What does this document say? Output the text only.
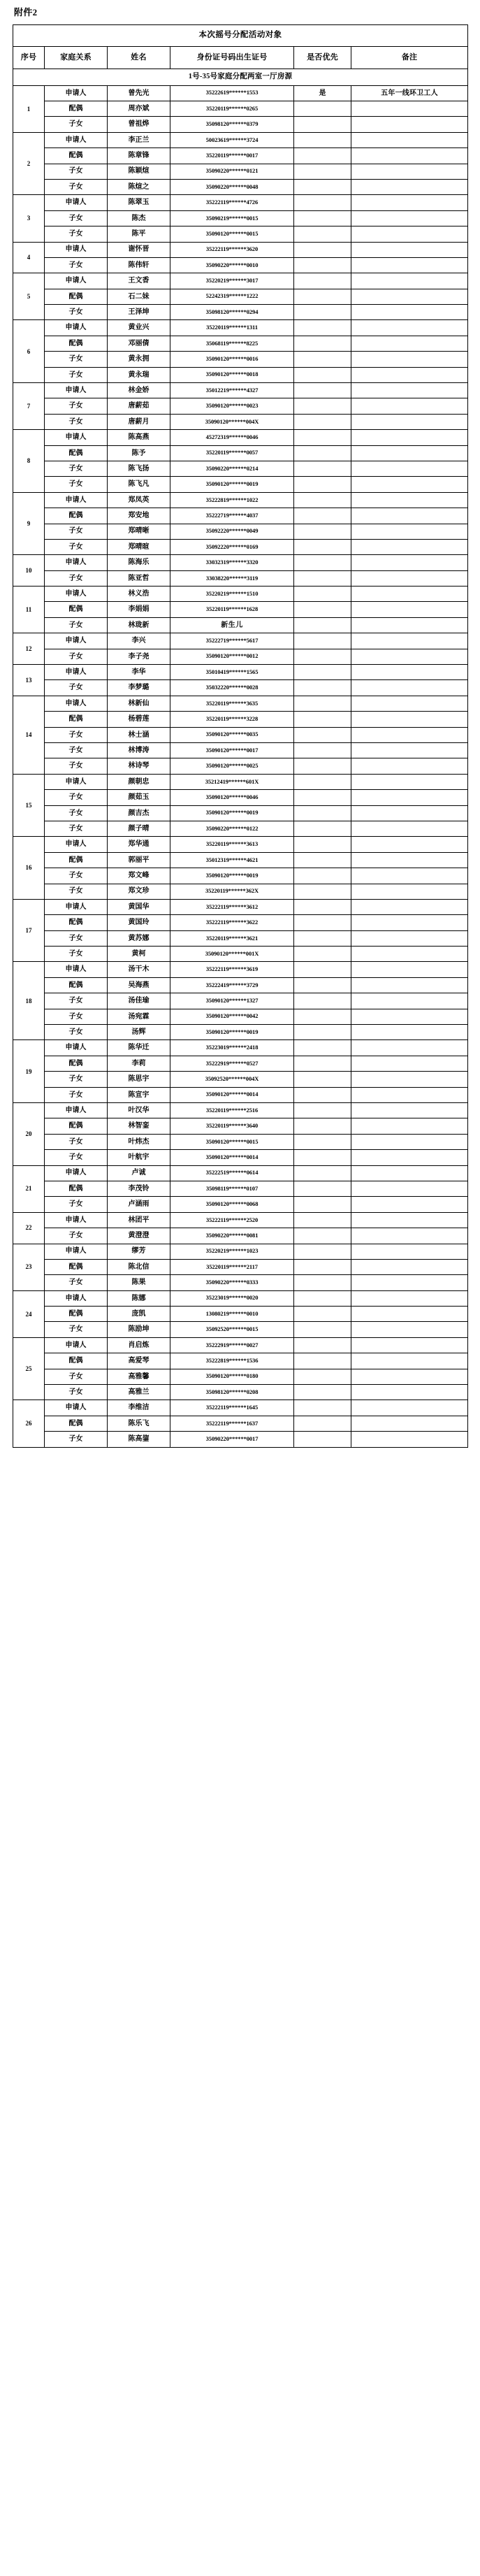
附件2
本次摇号分配活动对象					
序号	家庭关系	姓名	身份证号码出生证号	是否优先	备注
1号-35号家庭分配两室一厅房源					
1	申请人	曾先光	35222619******1553	是	五年一线环卫工人
	配偶	周亦斌	35220119******0265		
	子女	曾祖烨	35098120******0379		
2	申请人	李正兰	50023619******3724		
	配偶	陈章锋	35220119******0017		
	子女	陈颖煊	35090220******0121		
	子女	陈煊之	35090220******0048		
3	申请人	陈翠玉	35222119******4726		
	子女	陈杰	35090219******0015		
	子女	陈平	35090120******0015		
4	申请人	谢怀晋	35222119******3620		
	子女	陈伟轩	35090220******0010		
5	申请人	王文香	35220219******3017		
	配偶	石二妹	52242319******1222		
	子女	王泽坤	35098120******0294		
6	申请人	黄业兴	35220119******1311		
	配偶	邓丽倩	35068119******8225		
	子女	黄永拥	35090120******0016		
	子女	黄永瑞	35090120******0018		
7	申请人	林金娇	35012219******4327		
	子女	唐薪茹	35090120******0023		
	子女	唐薪月	35090120******004X		
8	申请人	陈高燕	45272319******0046		
	配偶	陈予	35220119******0057		
	子女	陈飞扬	35090220******0214		
	子女	陈飞凡	35090120******0019		
9	申请人	郑凤英	35222819******1022		
	配偶	郑安地	35222719******4037		
	子女	郑晴晰	35092220******0049		
	子女	郑晴暄	35092220******0169		
10	申请人	陈海乐	33032319******3320		
	子女	陈亚哲	33038220******3119		
11	申请人	林义浩	35220219******1510		
	配偶	李娟娟	35220119******1628		
	子女	林珑新	新生儿		
12	申请人	李兴	35222719******5617		
	子女	李子尧	35090120******0012		
13	申请人	李华	35010419******1565		
	子女	李梦璐	35032220******0028		
14	申请人	林新仙	35220119******3635		
	配偶	杨碧莲	35220119******3228		
	子女	林士涵	35090120******0035		
	子女	林博涛	35090120******0017		
	子女	林诗琴	35090120******0025		
15	申请人	颜朝忠	35212419******601X		
	子女	颜茹玉	35090120******0046		
	子女	颜吉杰	35090120******0019		
	子女	颜子晴	35090220******0122		
16	申请人	郑华通	35220119******3613		
	配偶	郭丽平	35012319******4621		
	子女	郑文峰	35090120******0019		
	子女	郑文珍	35220119******362X		
17	申请人	黄国华	35222119******3612		
	配偶	黄国玲	35222119******3622		
	子女	黄苏娜	35220119******3621		
	子女	黄柯	35090120******001X		
18	申请人	汤干木	35222119******3619		
	配偶	吴海燕	35222419******3729		
	子女	汤佳瑜	35090120******1327		
	子女	汤宛霖	35090120******0042		
	子女	汤辉	35090120******0019		
19	申请人	陈华迁	35223019******2418		
	配偶	李莉	35222919******0527		
	子女	陈思宇	35092520******004X		
	子女	陈宣宇	35090120******0014		
20	申请人	叶汉华	35220119******2516		
	配偶	林智銮	35220119******3640		
	子女	叶炜杰	35090120******0015		
	子女	叶航宇	35090120******0014		
21	申请人	卢诚	35222519******0614		
	配偶	李茂铃	35098119******0107		
	子女	卢涵雨	35090120******0068		
22	申请人	林团平	35222119******2520		
	子女	黄澄澄	35090220******0081		
23	申请人	缪芳	35220219******1023		
	配偶	陈北信	35220119******2117		
	子女	陈果	35090220******0333		
24	申请人	陈娜	35223019******0020		
	配偶	庞凯	13080219******0010		
	子女	陈励坤	35092520******0015		
25	申请人	肖启炼	35222919******0027		
	配偶	高爱琴	35222819******1536		
	子女	高雅馨	35090120******0180		
	子女	高雅兰	35098120******0208		
26	申请人	李维洁	35222119******1645		
	配偶	陈乐飞	35222119******1637		
	子女	陈高鋆	35090220******0017		
